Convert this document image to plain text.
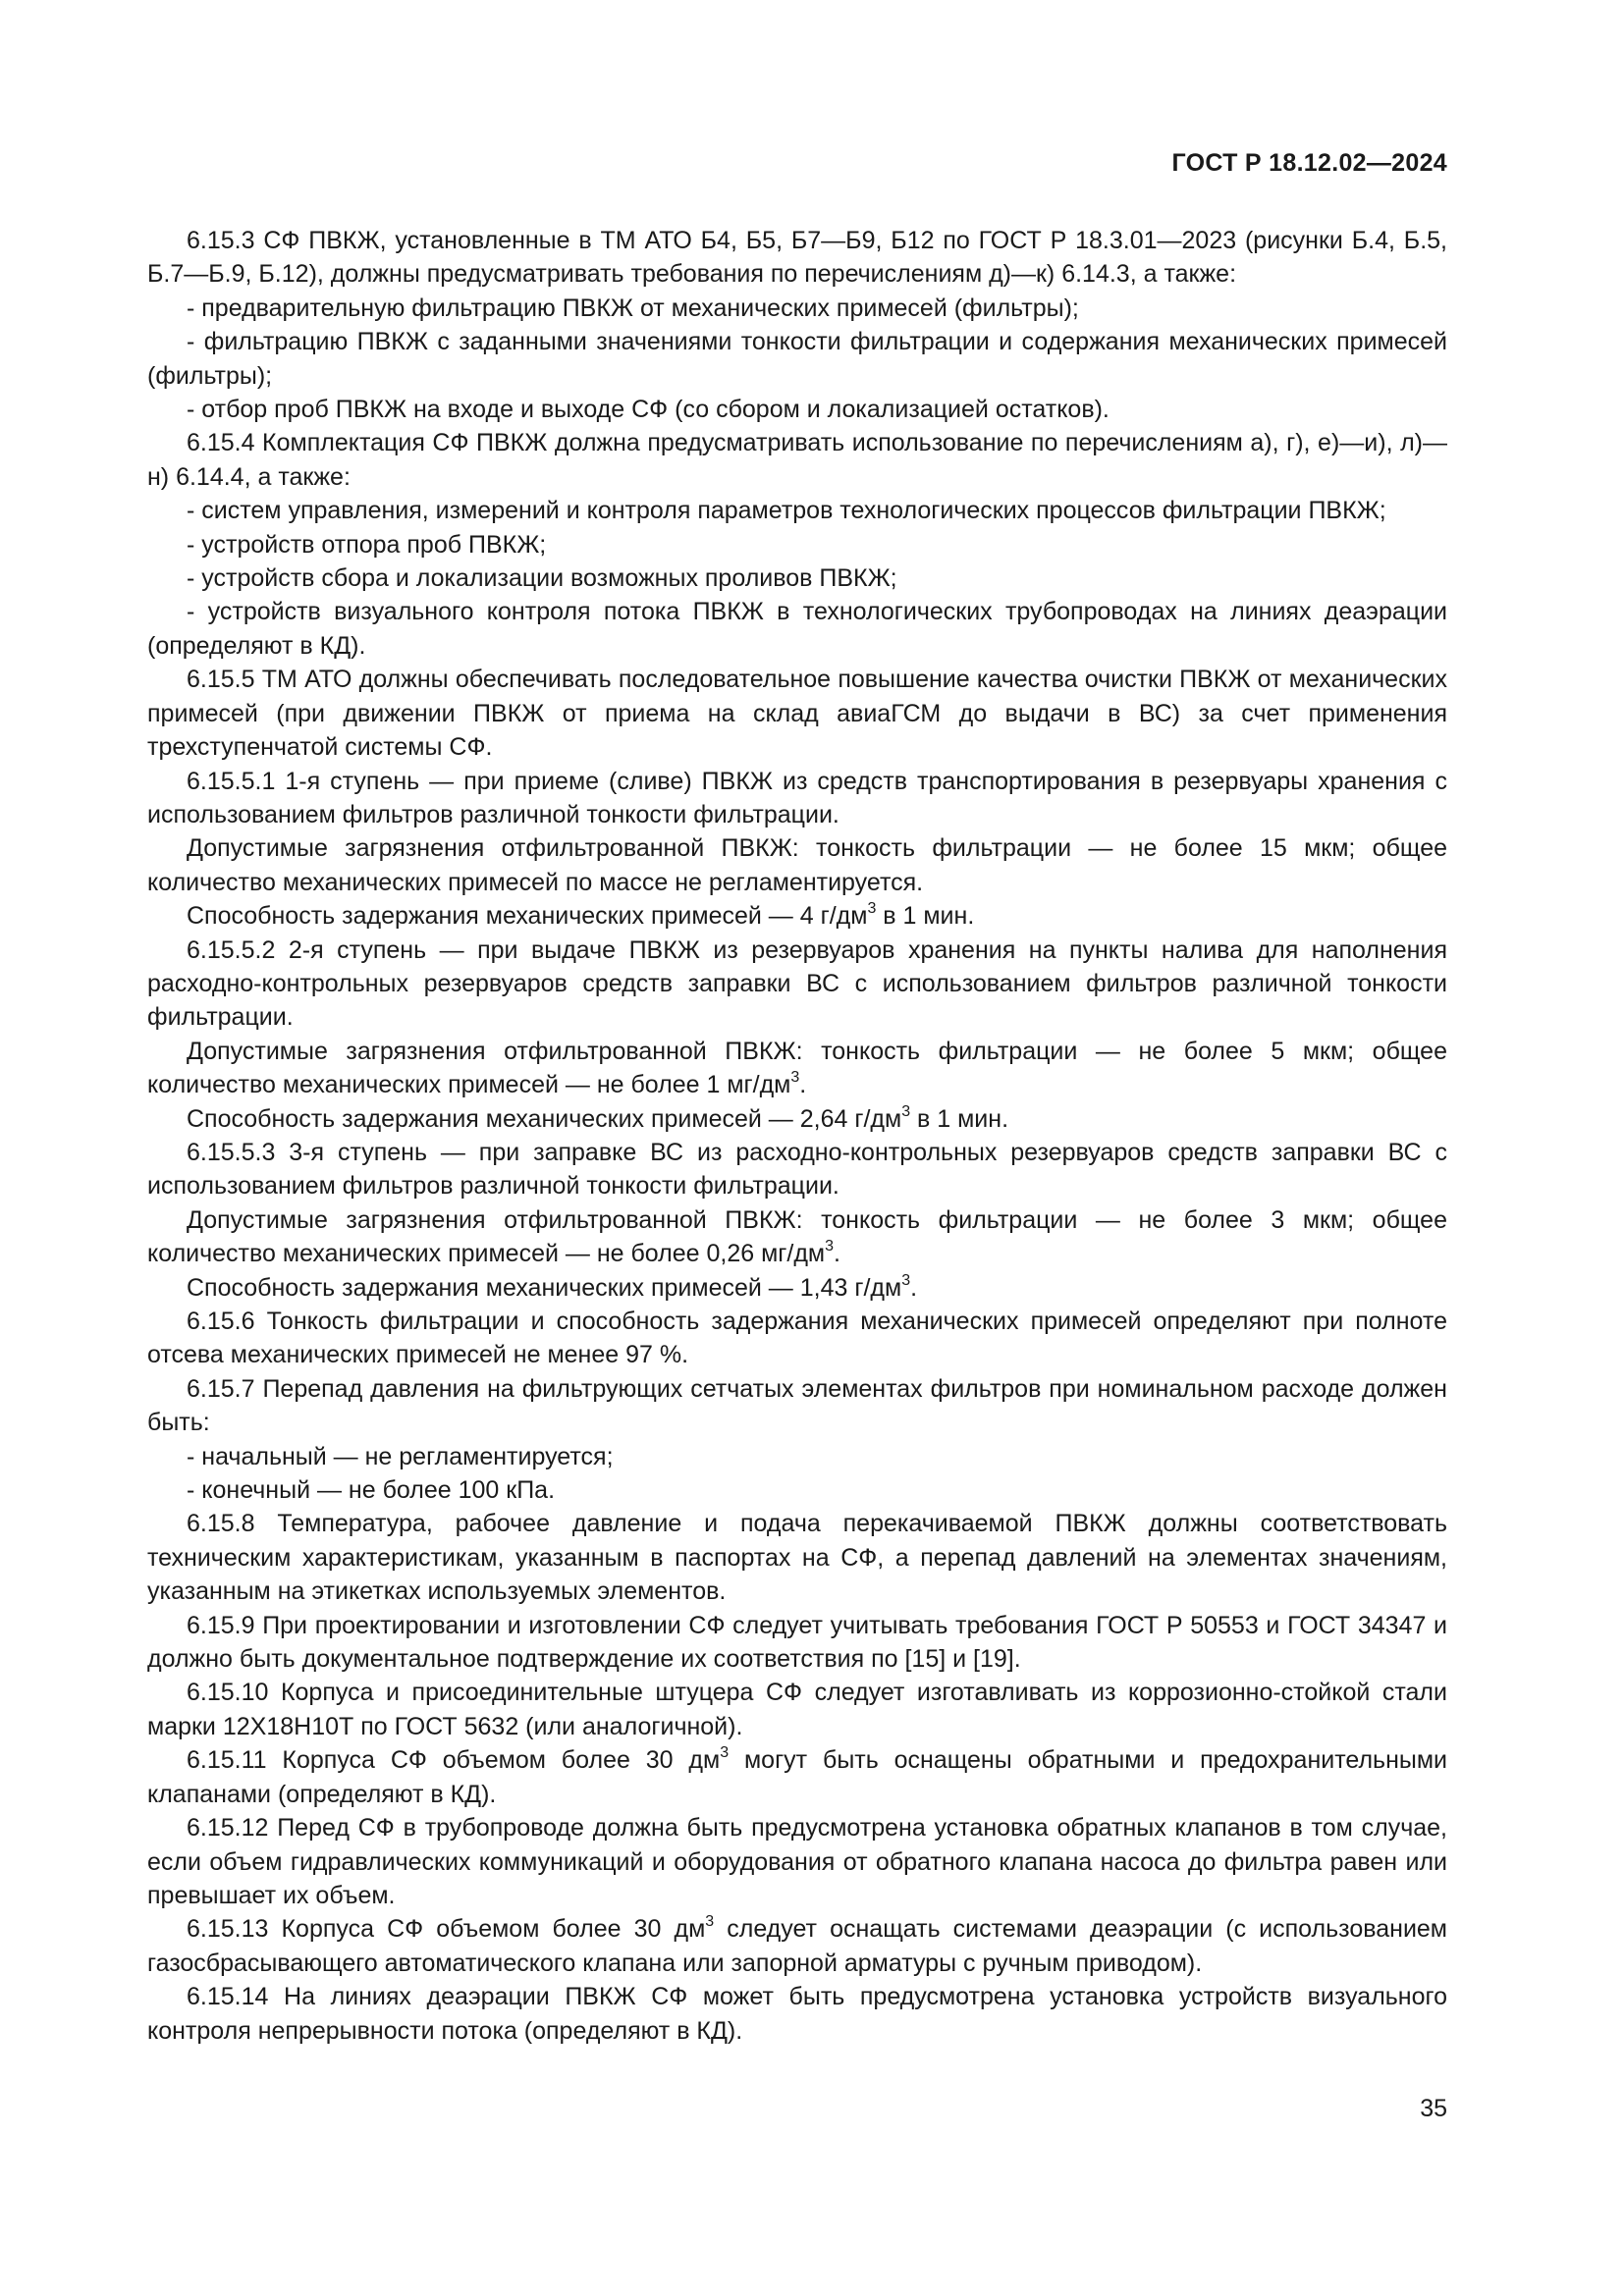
ГОСТ Р 18.12.02—2024

6.15.3 СФ ПВКЖ, установленные в ТМ АТО Б4, Б5, Б7—Б9, Б12 по ГОСТ Р 18.3.01—2023 (рисунки Б.4, Б.5, Б.7—Б.9, Б.12), должны предусматривать требования по перечислениям д)—к) 6.14.3, а также:

- предварительную фильтрацию ПВКЖ от механических примесей (фильтры);

- фильтрацию ПВКЖ с заданными значениями тонкости фильтрации и содержания механических примесей (фильтры);

- отбор проб ПВКЖ на входе и выходе СФ (со сбором и локализацией остатков).

6.15.4 Комплектация СФ ПВКЖ должна предусматривать использование по перечислениям а), г), е)—и), л)—н) 6.14.4, а также:

- систем управления, измерений и контроля параметров технологических процессов фильтрации ПВКЖ;

- устройств отпора проб ПВКЖ;

- устройств сбора и локализации возможных проливов ПВКЖ;

- устройств визуального контроля потока ПВКЖ в технологических трубопроводах на линиях деаэрации (определяют в КД).

6.15.5 ТМ АТО должны обеспечивать последовательное повышение качества очистки ПВКЖ от механических примесей (при движении ПВКЖ от приема на склад авиаГСМ до выдачи в ВС) за счет применения трехступенчатой системы СФ.

6.15.5.1 1-я ступень — при приеме (сливе) ПВКЖ из средств транспортирования в резервуары хранения с использованием фильтров различной тонкости фильтрации.

Допустимые загрязнения отфильтрованной ПВКЖ: тонкость фильтрации — не более 15 мкм; общее количество механических примесей по массе не регламентируется.

Способность задержания механических примесей — 4 $г/дм^3$ в 1 мин.

6.15.5.2 2-я ступень — при выдаче ПВКЖ из резервуаров хранения на пункты налива для наполнения расходно-контрольных резервуаров средств заправки ВС с использованием фильтров различной тонкости фильтрации.

Допустимые загрязнения отфильтрованной ПВКЖ: тонкость фильтрации — не более 5 мкм; общее количество механических примесей — не более 1 $мг/дм^3$.

Способность задержания механических примесей — 2,64 $г/дм^3$ в 1 мин.

6.15.5.3 3-я ступень — при заправке ВС из расходно-контрольных резервуаров средств заправки ВС с использованием фильтров различной тонкости фильтрации.

Допустимые загрязнения отфильтрованной ПВКЖ: тонкость фильтрации — не более 3 мкм; общее количество механических примесей — не более 0,26 $мг/дм^3$.

Способность задержания механических примесей — 1,43 $г/дм^3$.

6.15.6 Тонкость фильтрации и способность задержания механических примесей определяют при полноте отсева механических примесей не менее 97 %.

6.15.7 Перепад давления на фильтрующих сетчатых элементах фильтров при номинальном расходе должен быть:

- начальный — не регламентируется;

- конечный — не более 100 кПа.

6.15.8 Температура, рабочее давление и подача перекачиваемой ПВКЖ должны соответствовать техническим характеристикам, указанным в паспортах на СФ, а перепад давлений на элементах значениям, указанным на этикетках используемых элементов.

6.15.9 При проектировании и изготовлении СФ следует учитывать требования ГОСТ Р 50553 и ГОСТ 34347 и должно быть документальное подтверждение их соответствия по [15] и [19].

6.15.10 Корпуса и присоединительные штуцера СФ следует изготавливать из коррозионно-стойкой стали марки 12Х18Н10Т по ГОСТ 5632 (или аналогичной).

6.15.11 Корпуса СФ объемом более 30 $дм^3$ могут быть оснащены обратными и предохранительными клапанами (определяют в КД).

6.15.12 Перед СФ в трубопроводе должна быть предусмотрена установка обратных клапанов в том случае, если объем гидравлических коммуникаций и оборудования от обратного клапана насоса до фильтра равен или превышает их объем.

6.15.13 Корпуса СФ объемом более 30 $дм^3$ следует оснащать системами деаэрации (с использованием газосбрасывающего автоматического клапана или запорной арматуры с ручным приводом).

6.15.14 На линиях деаэрации ПВКЖ СФ может быть предусмотрена установка устройств визуального контроля непрерывности потока (определяют в КД).

35
